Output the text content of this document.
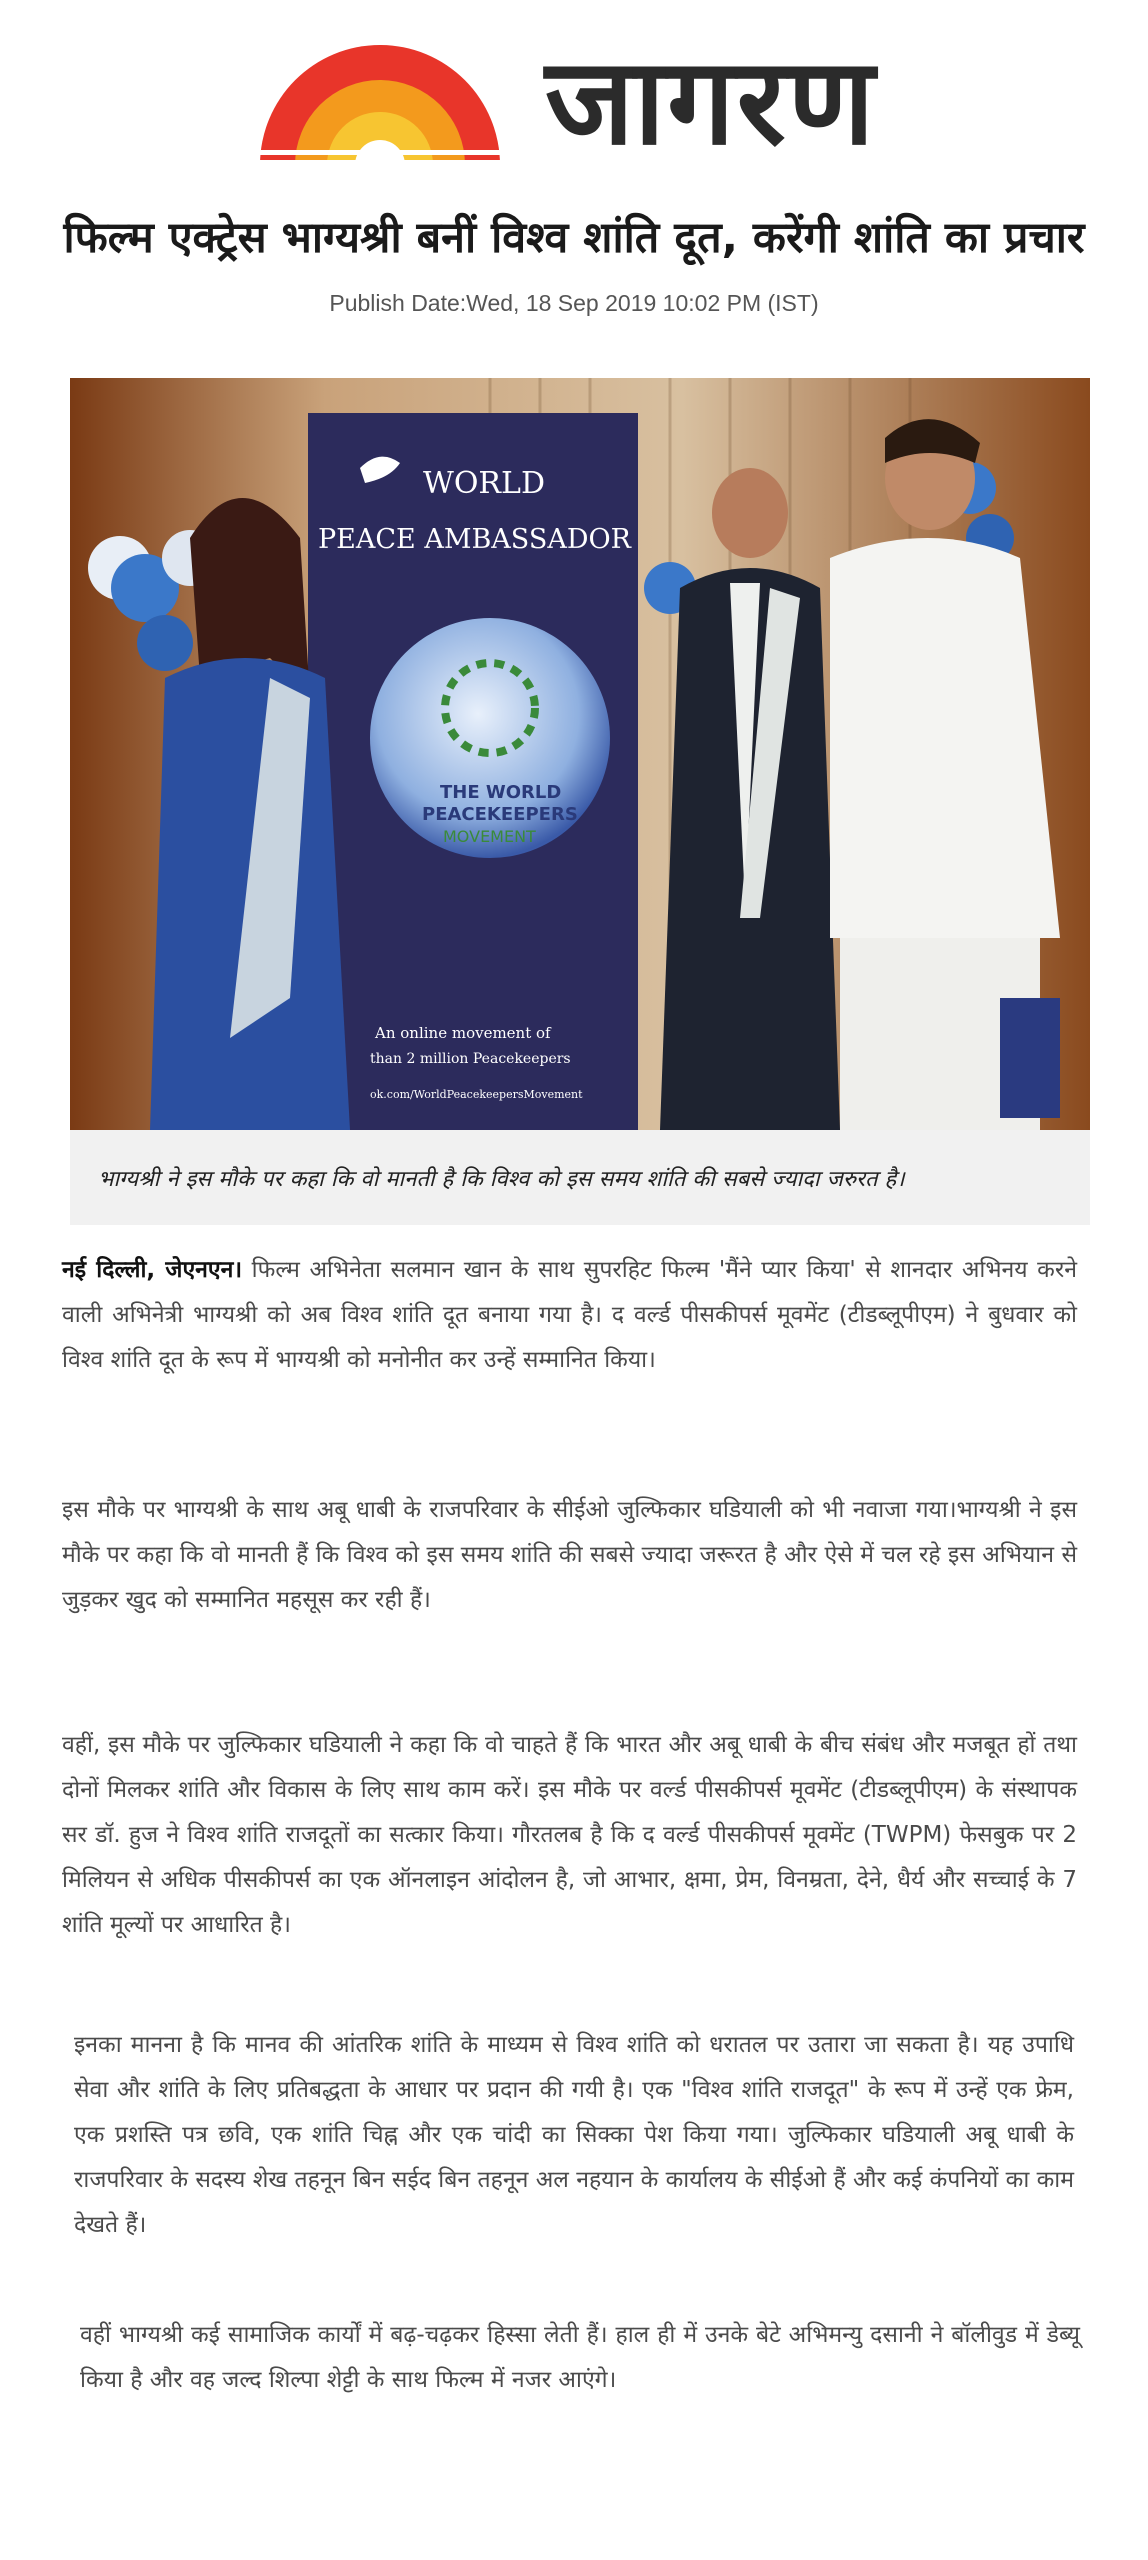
जागरण
फिल्म एक्ट्रेस भाग्यश्री बनीं विश्व शांति दूत, करेंगी शांति का प्रचार
Publish Date:Wed, 18 Sep 2019 10:02 PM (IST)
WORLD
PEACE AMBASSADOR
THE WORLD
PEACEKEEPERS
MOVEMENT
An online movement of
than 2 million Peacekeepers
ok.com/WorldPeacekeepersMovement
भाग्यश्री ने इस मौके पर कहा कि वो मानती है कि विश्व को इस समय शांति की सबसे ज्यादा जरुरत है।

नई दिल्ली, जेएनएन। फिल्म अभिनेता सलमान खान के साथ सुपरहिट फिल्म 'मैंने प्यार किया' से शानदार अभिनय करने वाली अभिनेत्री भाग्यश्री को अब विश्व शांति दूत बनाया गया है। द वर्ल्ड पीसकीपर्स मूवमेंट (टीडब्लूपीएम) ने बुधवार को विश्व शांति दूत के रूप में भाग्यश्री को मनोनीत कर उन्हें सम्मानित किया।

इस मौके पर भाग्यश्री के साथ अबू धाबी के राजपरिवार के सीईओ जुल्फिकार घडियाली को भी नवाजा गया।भाग्यश्री ने इस मौके पर कहा कि वो मानती हैं कि विश्व को इस समय शांति की सबसे ज्यादा जरूरत है और ऐसे में चल रहे इस अभियान से जुड़कर खुद को सम्मानित महसूस कर रही हैं।

वहीं, इस मौके पर जुल्फिकार घडियाली ने कहा कि वो चाहते हैं कि भारत और अबू धाबी के बीच संबंध और मजबूत हों तथा दोनों मिलकर शांति और विकास के लिए साथ काम करें। इस मौके पर वर्ल्ड पीसकीपर्स मूवमेंट (टीडब्लूपीएम) के संस्थापक सर डॉ. हुज ने विश्व शांति राजदूतों का सत्कार किया। गौरतलब है कि द वर्ल्ड पीसकीपर्स मूवमेंट (TWPM) फेसबुक पर 2 मिलियन से अधिक पीसकीपर्स का एक ऑनलाइन आंदोलन है, जो आभार, क्षमा, प्रेम, विनम्रता, देने, धैर्य और सच्चाई के 7 शांति मूल्यों पर आधारित है।

इनका मानना है कि मानव की आंतरिक शांति के माध्यम से विश्व शांति को धरातल पर उतारा जा सकता है। यह उपाधि सेवा और शांति के लिए प्रतिबद्धता के आधार पर प्रदान की गयी है। एक "विश्व शांति राजदूत" के रूप में उन्हें एक फ्रेम, एक प्रशस्ति पत्र छवि, एक शांति चिह्न और एक चांदी का सिक्का पेश किया गया। जुल्फिकार घडियाली अबू धाबी के राजपरिवार के सदस्य शेख तहनून बिन सईद बिन तहनून अल नहयान के कार्यालय के सीईओ हैं और कई कंपनियों का काम देखते हैं।

वहीं भाग्यश्री कई सामाजिक कार्यों में बढ़-चढ़कर हिस्सा लेती हैं। हाल ही में उनके बेटे अभिमन्यु दसानी ने बॉलीवुड में डेब्यू किया है और वह जल्द शिल्पा शेट्टी के साथ फिल्म में नजर आएंगे।
